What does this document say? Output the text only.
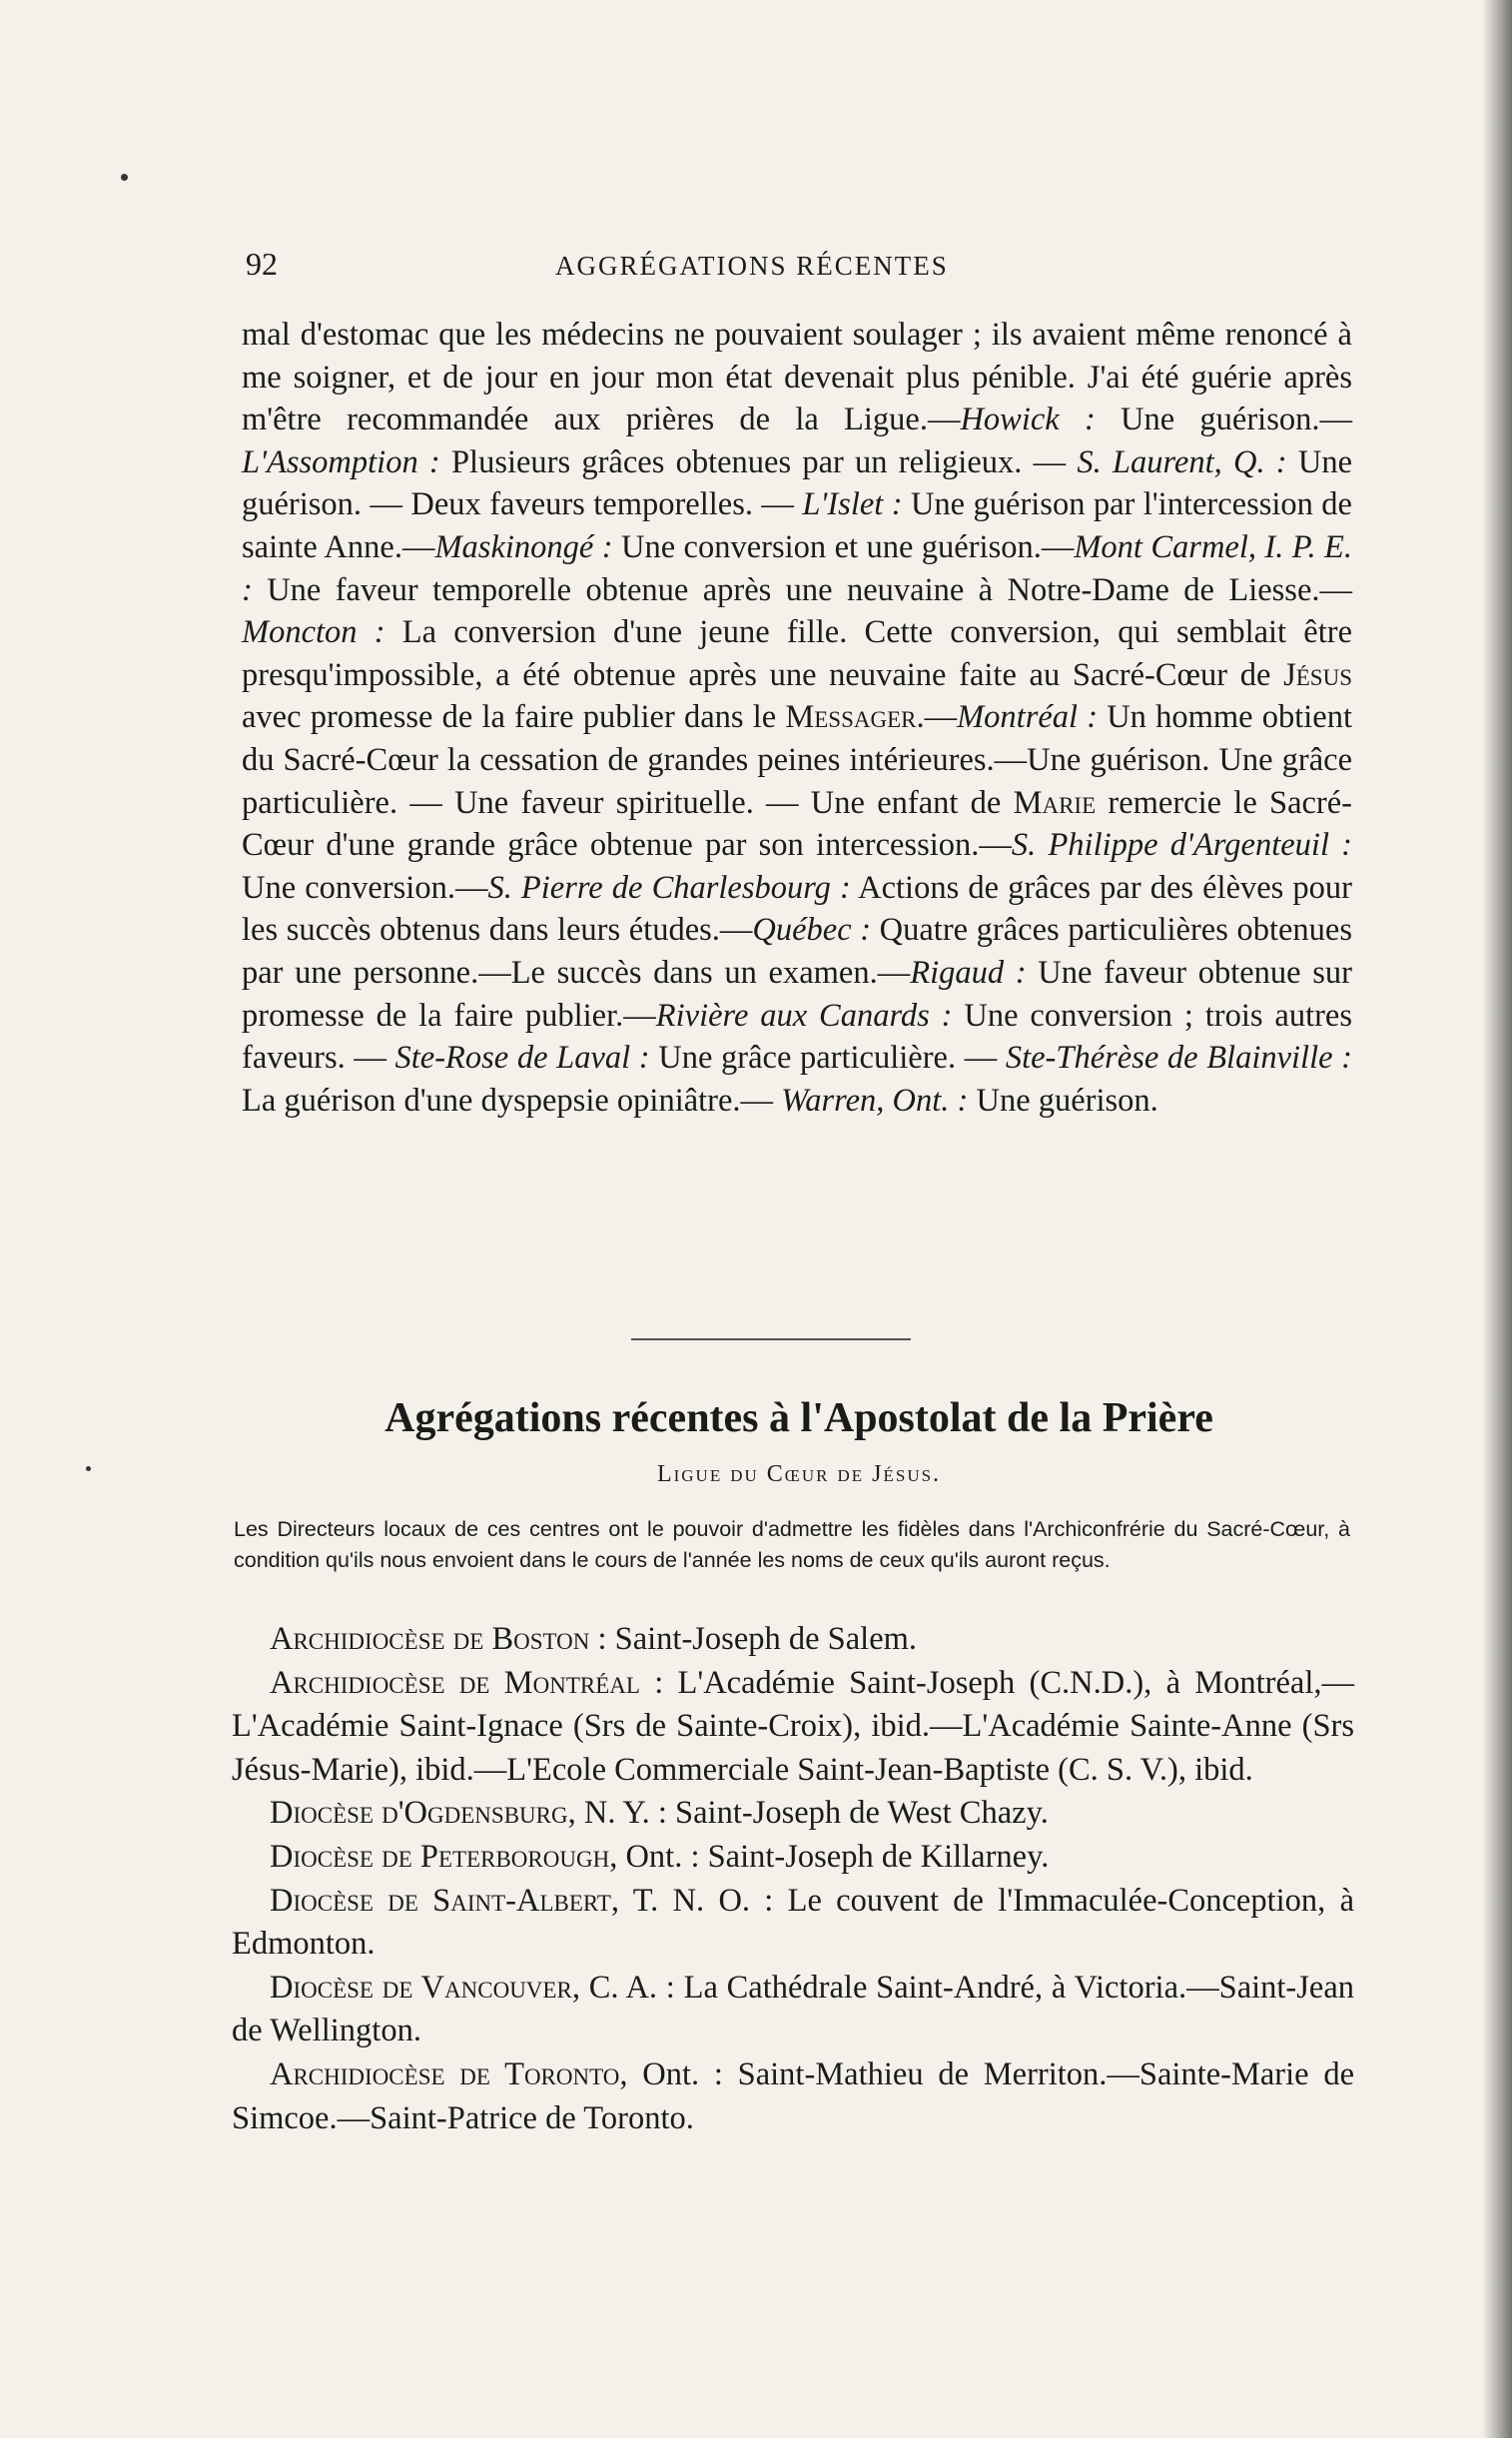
92	AGGRÉGATIONS RÉCENTES

mal d'estomac que les médecins ne pouvaient soulager ; ils avaient même renoncé à me soigner, et de jour en jour mon état devenait plus pénible. J'ai été guérie après m'être recommandée aux prières de la Ligue.—Howick : Une guérison.—L'Assomption : Plusieurs grâces obtenues par un religieux. — S. Laurent, Q. : Une guérison. — Deux faveurs temporelles. — L'Islet : Une guérison par l'intercession de sainte Anne.—Maskinongé : Une conversion et une guérison.—Mont Carmel, I. P. E. : Une faveur temporelle obtenue après une neuvaine à Notre-Dame de Liesse.—Moncton : La conversion d'une jeune fille. Cette conversion, qui semblait être presqu'impossible, a été obtenue après une neuvaine faite au Sacré-Cœur de Jésus avec promesse de la faire publier dans le Messager.—Montréal : Un homme obtient du Sacré-Cœur la cessation de grandes peines intérieures.—Une guérison. Une grâce particulière. — Une faveur spirituelle. — Une enfant de Marie remercie le Sacré-Cœur d'une grande grâce obtenue par son intercession.—S. Philippe d'Argenteuil : Une conversion.—S. Pierre de Charlesbourg : Actions de grâces par des élèves pour les succès obtenus dans leurs études.—Québec : Quatre grâces particulières obtenues par une personne.—Le succès dans un examen.—Rigaud : Une faveur obtenue sur promesse de la faire publier.—Rivière aux Canards : Une conversion ; trois autres faveurs. — Ste-Rose de Laval : Une grâce particulière. — Ste-Thérèse de Blainville : La guérison d'une dyspepsie opiniâtre.— Warren, Ont. : Une guérison.

Agrégations récentes à l'Apostolat de la Prière
Ligue du Cœur de Jésus.

Les Directeurs locaux de ces centres ont le pouvoir d'admettre les fidèles dans l'Archiconfrérie du Sacré-Cœur, à condition qu'ils nous envoient dans le cours de l'année les noms de ceux qu'ils auront reçus.

Archidiocèse de Boston : Saint-Joseph de Salem.

Archidiocèse de Montréal : L'Académie Saint-Joseph (C.N.D.), à Montréal,—L'Académie Saint-Ignace (Srs de Sainte-Croix), ibid.—L'Académie Sainte-Anne (Srs Jésus-Marie), ibid.—L'Ecole Commerciale Saint-Jean-Baptiste (C. S. V.), ibid.

Diocèse d'Ogdensburg, N. Y. : Saint-Joseph de West Chazy.

Diocèse de Peterborough, Ont. : Saint-Joseph de Killarney.

Diocèse de Saint-Albert, T. N. O. : Le couvent de l'Immaculée-Conception, à Edmonton.

Diocèse de Vancouver, C. A. : La Cathédrale Saint-André, à Victoria.—Saint-Jean de Wellington.

Archidiocèse de Toronto, Ont. : Saint-Mathieu de Merriton.—Sainte-Marie de Simcoe.—Saint-Patrice de Toronto.
